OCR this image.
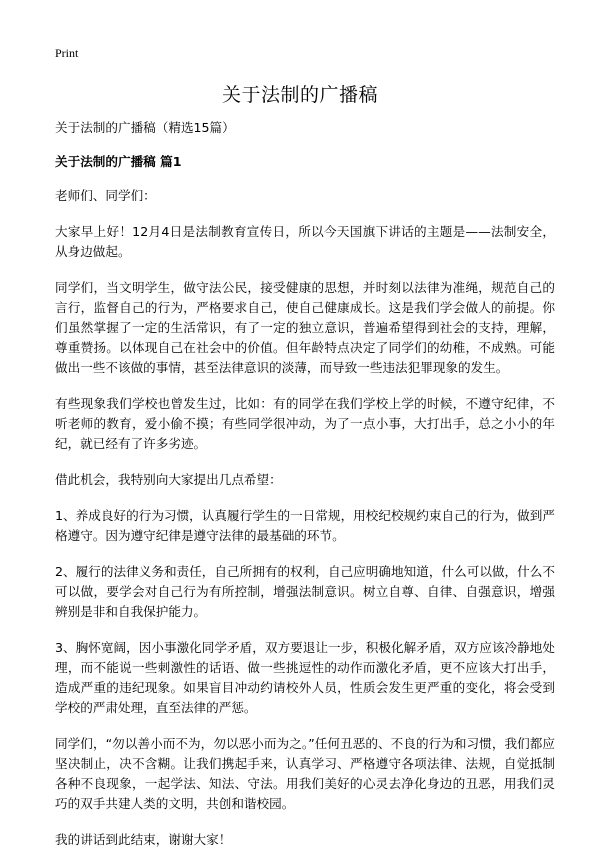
Print
关于法制的广播稿

关于法制的广播稿（精选15篇）

关于法制的广播稿 篇1

老师们、同学们：

大家早上好！12月4日是法制教育宣传日，所以今天国旗下讲话的主题是——法制安全，从身边做起。

同学们，当文明学生，做守法公民，接受健康的思想，并时刻以法律为准绳，规范自己的言行，监督自己的行为，严格要求自己，使自己健康成长。这是我们学会做人的前提。你们虽然掌握了一定的生活常识，有了一定的独立意识，普遍希望得到社会的支持，理解，尊重赞扬。以体现自己在社会中的价值。但年龄特点决定了同学们的幼稚，不成熟。可能做出一些不该做的事情，甚至法律意识的淡薄，而导致一些违法犯罪现象的发生。

有些现象我们学校也曾发生过，比如：有的同学在我们学校上学的时候，不遵守纪律，不听老师的教育，爱小偷不摸；有些同学很冲动，为了一点小事，大打出手，总之小小的年纪，就已经有了许多劣迹。

借此机会，我特别向大家提出几点希望：

1、养成良好的行为习惯，认真履行学生的一日常规，用校纪校规约束自己的行为，做到严格遵守。因为遵守纪律是遵守法律的最基础的环节。

2、履行的法律义务和责任，自己所拥有的权利，自己应明确地知道，什么可以做，什么不可以做，要学会对自己行为有所控制，增强法制意识。树立自尊、自律、自强意识，增强辨别是非和自我保护能力。

3、胸怀宽阔，因小事激化同学矛盾，双方要退让一步，积极化解矛盾，双方应该冷静地处理，而不能说一些刺激性的话语、做一些挑逗性的动作而激化矛盾，更不应该大打出手，造成严重的违纪现象。如果盲目冲动约请校外人员，性质会发生更严重的变化，将会受到学校的严肃处理，直至法律的严惩。

同学们，“勿以善小而不为，勿以恶小而为之。”任何丑恶的、不良的行为和习惯，我们都应坚决制止，决不含糊。让我们携起手来，认真学习、严格遵守各项法律、法规，自觉抵制各种不良现象，一起学法、知法、守法。用我们美好的心灵去净化身边的丑恶，用我们灵巧的双手共建人类的文明，共创和谐校园。

我的讲话到此结束，谢谢大家！
